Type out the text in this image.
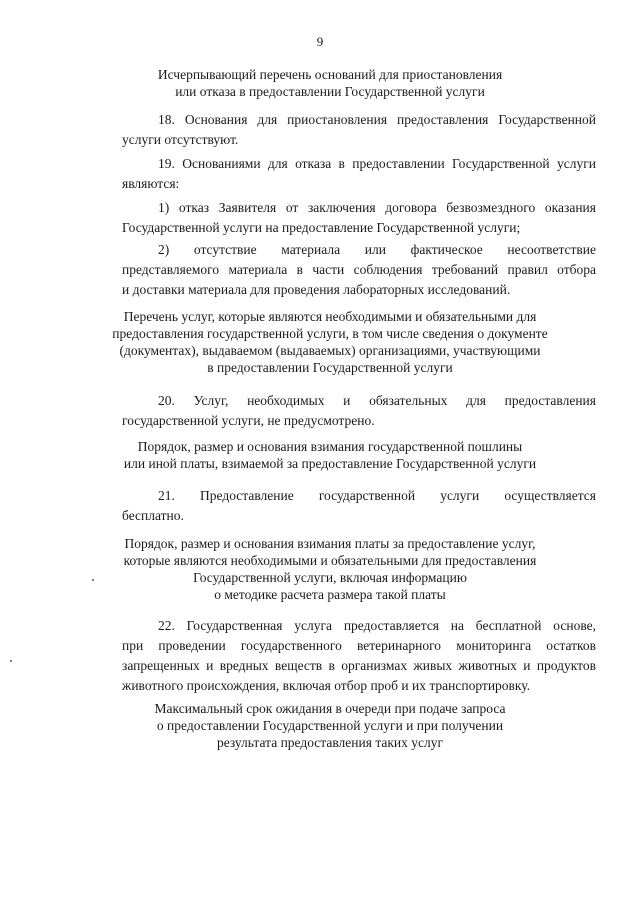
9
Исчерпывающий перечень оснований для приостановления
или отказа в предоставлении Государственной услуги
18. Основания для приостановления предоставления Государственной
услуги отсутствуют.
19. Основаниями для отказа в предоставлении Государственной услуги
являются:
1) отказ Заявителя от заключения договора безвозмездного оказания
Государственной услуги на предоставление Государственной услуги;
2) отсутствие материала или фактическое несоответствие
представляемого материала в части соблюдения требований правил отбора
и доставки материала для проведения лабораторных исследований.
Перечень услуг, которые являются необходимыми и обязательными для
предоставления государственной услуги, в том числе сведения о документе
(документах), выдаваемом (выдаваемых) организациями, участвующими
в предоставлении Государственной услуги
20. Услуг, необходимых и обязательных для предоставления
государственной услуги, не предусмотрено.
Порядок, размер и основания взимания государственной пошлины
или иной платы, взимаемой за предоставление Государственной услуги
21. Предоставление государственной услуги осуществляется
бесплатно.
Порядок, размер и основания взимания платы за предоставление услуг,
которые являются необходимыми и обязательными для предоставления
Государственной услуги, включая информацию
о методике расчета размера такой платы
22. Государственная услуга предоставляется на бесплатной основе,
при проведении государственного ветеринарного мониторинга остатков
запрещенных и вредных веществ в организмах живых животных и продуктов
животного происхождения, включая отбор проб и их транспортировку.
Максимальный срок ожидания в очереди при подаче запроса
о предоставлении Государственной услуги и при получении
результата предоставления таких услуг
